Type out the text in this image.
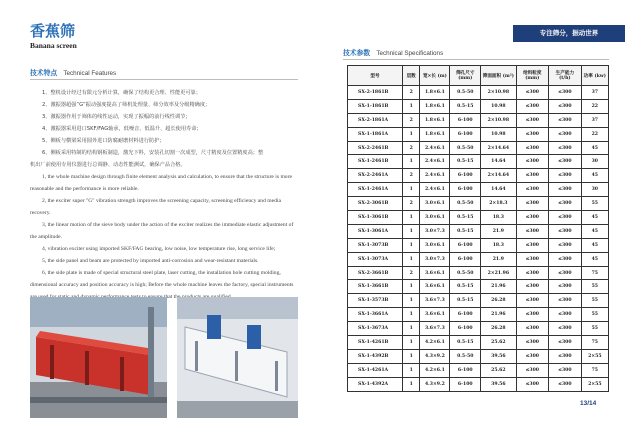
香蕉筛
Banana screen
专注筛分，振动世界
技术特点 Technical Features
1、整机设计经过有限元分析计算，确保了结构更合理、性能更可靠；
2、激振器超强“G”振动强度提高了筛机处理量、筛分效率及分级精确度；
3、激振器作用于筛体的线性运动，实现了振幅的前行线性调节；
4、激振器采用进口SKF/FAG轴承，低噪音、低温升、超长使用寿命；
5、侧板与横梁采用圆外进口防腐耐磨材料进行防护；
6、侧板采用特制的结构钢板制造，激光下料，安装孔切割一次成型，尺寸精度及位置精度高；整
机出厂前使用专用仪器进行总调静、动态性能测试，确保产品合格。
1, the whole machine design through finite element analysis and calculation, to ensure that the structure is more reasonable and the performance is more reliable.
2, the exciter super "G" vibration strength improves the screening capacity, screening efficiency and media recovery.
3, the linear motion of the sieve body under the action of the exciter realizes the immediate elastic adjustment of the amplitude.
4, vibration exciter using imported SKF/FAG bearing, low noise, low temperature rise, long service life;
5, the side panel and beam are protected by imported anti-corrosion and wear-resistant materials.
6, the side plate is made of special structural steel plate, laser cutting, the installation hole cutting molding, dimensional accuracy and position accuracy is high; Before the whole machine leaves the factory, special instruments that
技术参数 Technical Specifications
型号	层数	宽×长 (m)	筛孔尺寸 (mm)	筛面面积 (m²)	给料粒度 (mm)	生产能力 (t/h)	功率 (kw)
SX-2-1861B	2	1.8×6.1	0.5-50	2×10.98	≤300	≤300	37
SX-1-1861B	1	1.8×6.1	0.5-15	10.98	≤300	≤300	22
SX-2-1861A	2	1.8×6.1	6-100	2×10.98	≤300	≤300	37
SX-1-1861A	1	1.8×6.1	6-100	10.98	≤300	≤300	22
SX-2-2461B	2	2.4×6.1	0.5-50	2×14.64	≤300	≤300	45
SX-1-2461B	1	2.4×6.1	0.5-15	14.64	≤300	≤300	30
SX-2-2461A	2	2.4×6.1	6-100	2×14.64	≤300	≤300	45
SX-1-2461A	1	2.4×6.1	6-100	14.64	≤300	≤300	30
SX-2-3061B	2	3.0×6.1	0.5-50	2×18.3	≤300	≤300	55
SX-1-3061B	1	3.0×6.1	0.5-15	18.3	≤300	≤300	45
SX-1-3061A	1	3.0×7.3	0.5-15	21.9	≤300	≤300	45
SX-1-3073B	1	3.0×6.1	6-100	18.3	≤300	≤300	45
SX-1-3073A	1	3.0×7.3	6-100	21.9	≤300	≤300	45
SX-2-3661B	2	3.6×6.1	0.5-50	2×21.96	≤300	≤300	75
SX-1-3661B	1	3.6×6.1	0.5-15	21.96	≤300	≤300	55
SX-1-3573B	1	3.6×7.3	0.5-15	26.28	≤300	≤300	55
SX-1-3661A	1	3.6×6.1	6-100	21.96	≤300	≤300	55
SX-1-3673A	1	3.6×7.3	6-100	26.28	≤300	≤300	55
SX-1-4261B	1	4.2×6.1	0.5-15	25.62	≤300	≤300	75
SX-1-4392B	1	4.3×9.2	0.5-50	39.56	≤300	≤300	2×55
SX-1-4261A	1	4.2×6.1	6-100	25.62	≤300	≤300	75
SX-1-4392A	1	4.3×9.2	6-100	39.56	≤300	≤300	2×55
13/14
